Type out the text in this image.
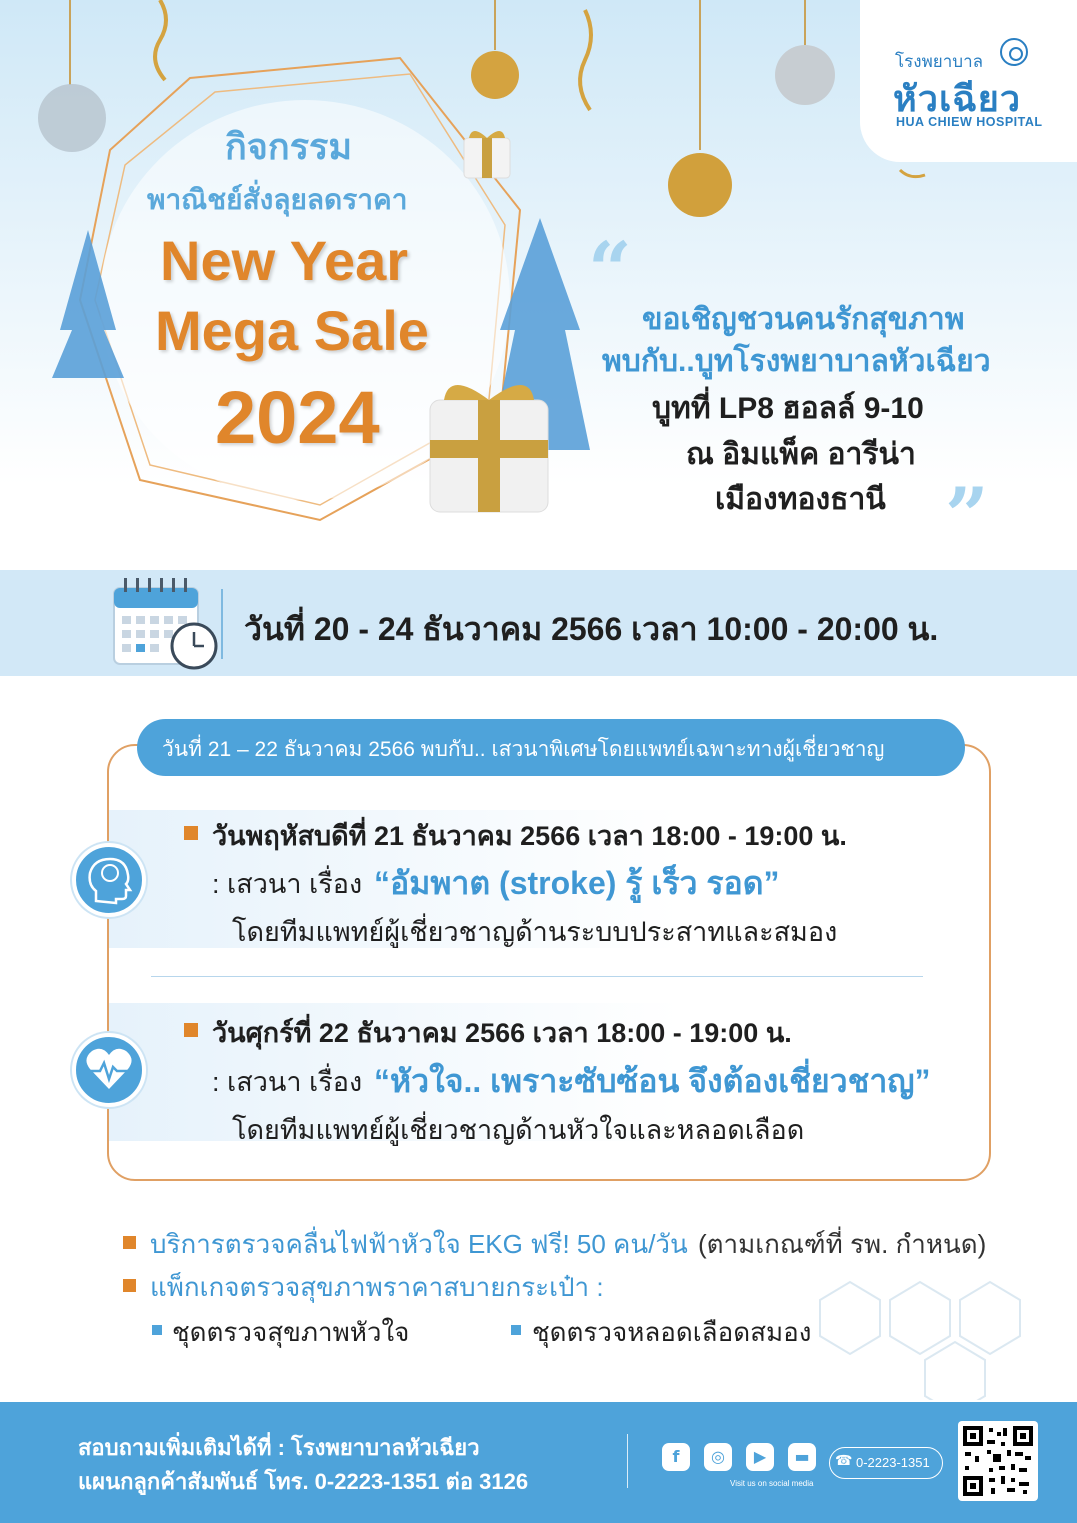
โรงพยาบาล
หัวเฉียว
HUA CHIEW HOSPITAL
กิจกรรม
พาณิชย์สั่งลุยลดราคา
New Year
Mega Sale
2024
“
ขอเชิญชวนคนรักสุขภาพ
พบกับ..บูทโรงพยาบาลหัวเฉียว
บูทที่ LP8 ฮอลล์ 9-10
ณ อิมแพ็ค อารีน่า
เมืองทองธานี ”
วันที่ 20 - 24 ธันวาคม 2566 เวลา 10:00 - 20:00 น.
วันที่ 21 – 22 ธันวาคม 2566 พบกับ.. เสวนาพิเศษโดยแพทย์เฉพาะทางผู้เชี่ยวชาญ
วันพฤหัสบดีที่ 21 ธันวาคม 2566 เวลา 18:00 - 19:00 น.
: เสวนา เรื่อง “อัมพาต (stroke) รู้ เร็ว รอด”
โดยทีมแพทย์ผู้เชี่ยวชาญด้านระบบประสาทและสมอง
วันศุกร์ที่ 22 ธันวาคม 2566 เวลา 18:00 - 19:00 น.
: เสวนา เรื่อง “หัวใจ.. เพราะซับซ้อน จึงต้องเชี่ยวชาญ”
โดยทีมแพทย์ผู้เชี่ยวชาญด้านหัวใจและหลอดเลือด
บริการตรวจคลื่นไฟฟ้าหัวใจ EKG ฟรี! 50 คน/วัน (ตามเกณฑ์ที่ รพ. กำหนด)
แพ็กเกจตรวจสุขภาพราคาสบายกระเป๋า :
ชุดตรวจสุขภาพหัวใจ	ชุดตรวจหลอดเลือดสมอง
สอบถามเพิ่มเติมได้ที่ : โรงพยาบาลหัวเฉียว
แผนกลูกค้าสัมพันธ์ โทร. 0-2223-1351 ต่อ 3126
f	◎	▶	▬
Visit us on social media
☎ 0-2223-1351
